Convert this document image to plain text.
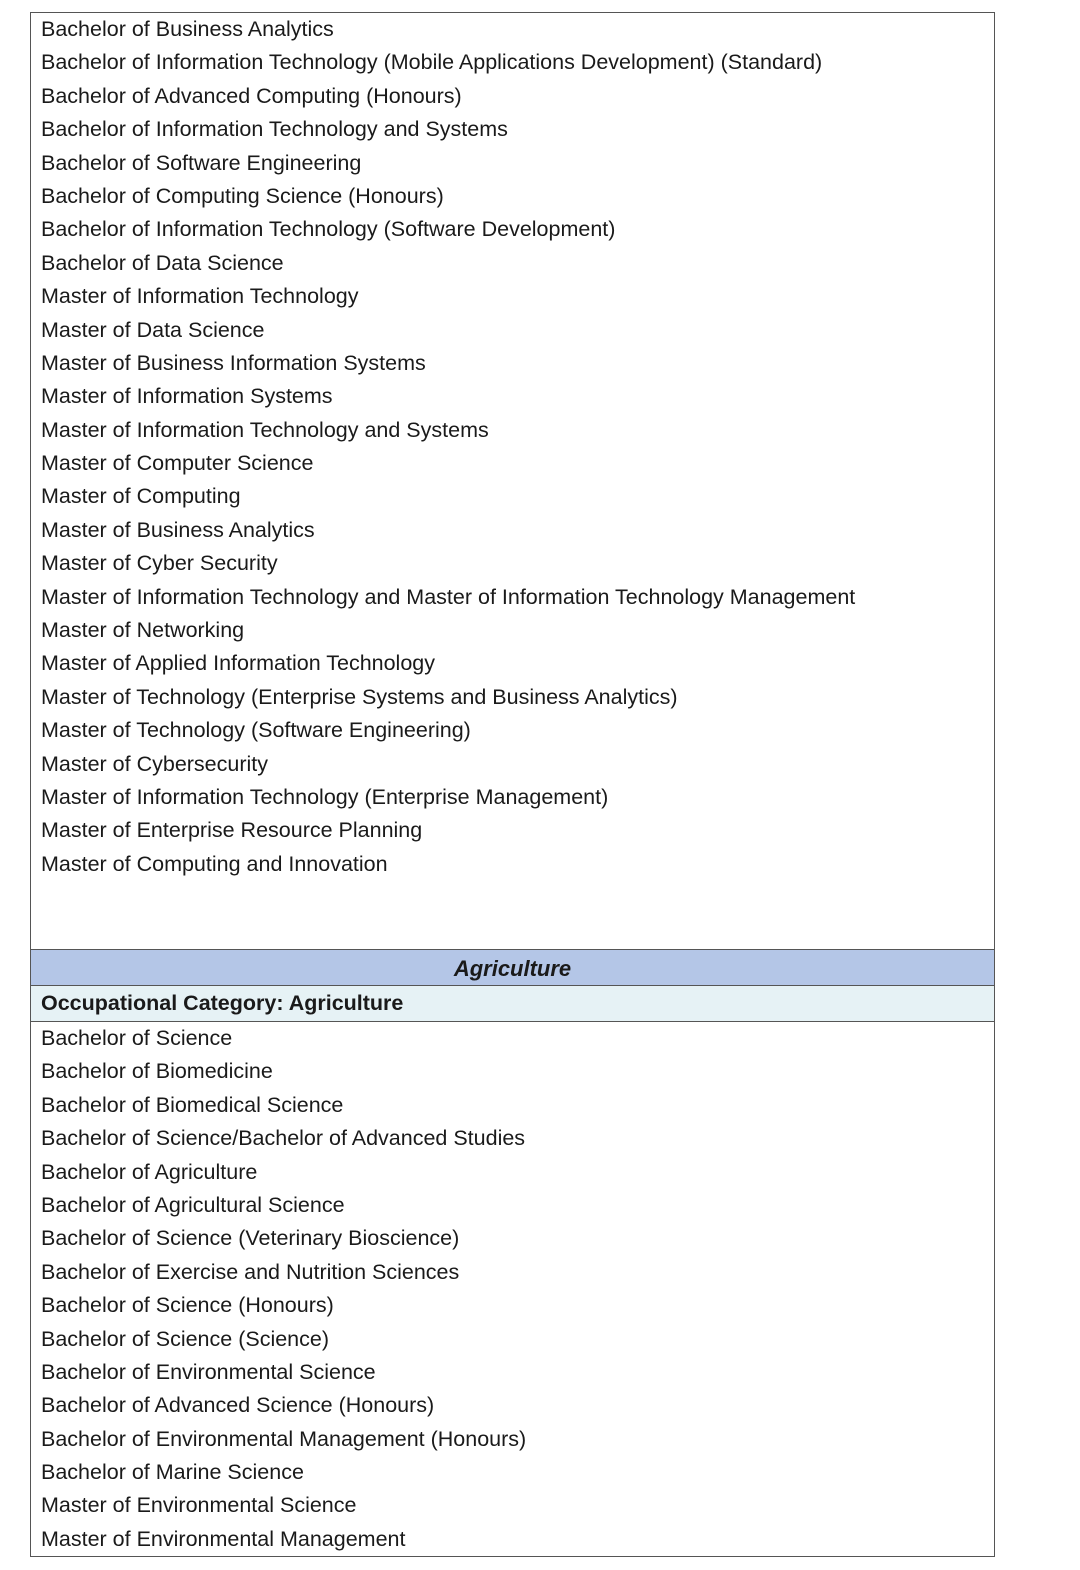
Bachelor of Business Analytics
Bachelor of Information Technology (Mobile Applications Development) (Standard)
Bachelor of Advanced Computing (Honours)
Bachelor of Information Technology and Systems
Bachelor of Software Engineering
Bachelor of Computing Science (Honours)
Bachelor of Information Technology (Software Development)
Bachelor of Data Science
Master of Information Technology
Master of Data Science
Master of Business Information Systems
Master of Information Systems
Master of Information Technology and Systems
Master of Computer Science
Master of Computing
Master of Business Analytics
Master of Cyber Security
Master of Information Technology and Master of Information Technology Management
Master of Networking
Master of Applied Information Technology
Master of Technology (Enterprise Systems and Business Analytics)
Master of Technology (Software Engineering)
Master of Cybersecurity
Master of Information Technology (Enterprise Management)
Master of Enterprise Resource Planning
Master of Computing and Innovation
Agriculture
Occupational Category: Agriculture
Bachelor of Science
Bachelor of Biomedicine
Bachelor of Biomedical Science
Bachelor of Science/Bachelor of Advanced Studies
Bachelor of Agriculture
Bachelor of Agricultural Science
Bachelor of Science (Veterinary Bioscience)
Bachelor of Exercise and Nutrition Sciences
Bachelor of Science (Honours)
Bachelor of Science (Science)
Bachelor of Environmental Science
Bachelor of Advanced Science (Honours)
Bachelor of Environmental Management (Honours)
Bachelor of Marine Science
Master of Environmental Science
Master of Environmental Management
